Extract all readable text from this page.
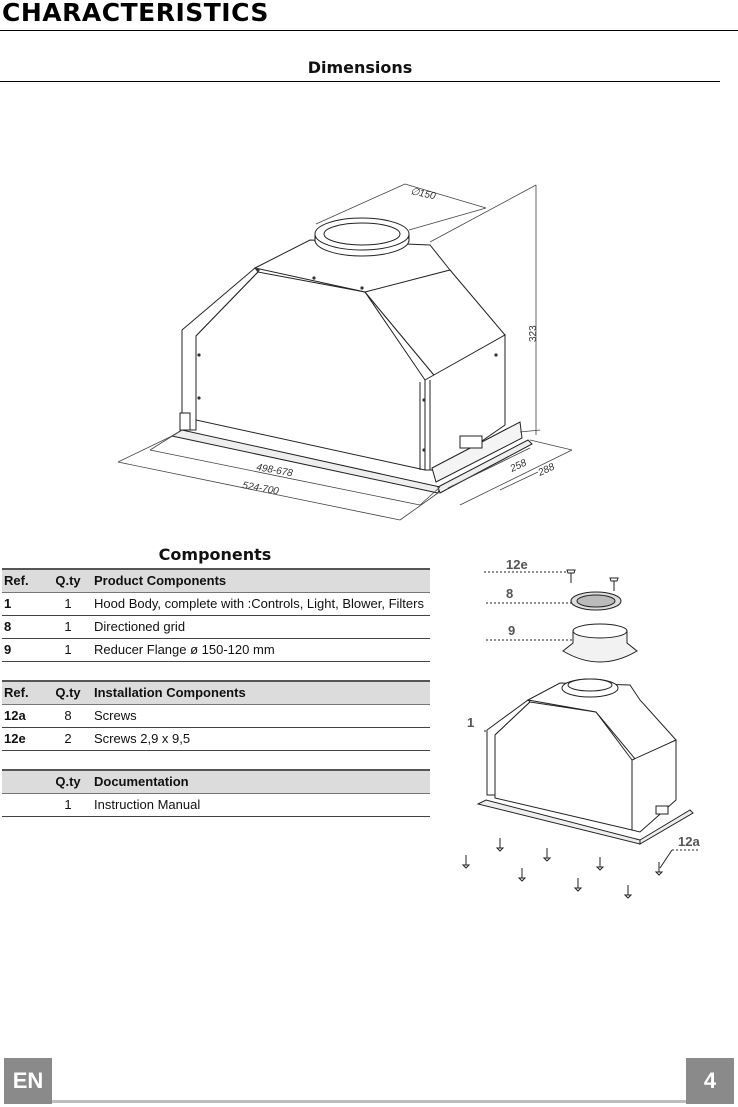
CHARACTERISTICS
Dimensions
∅150
323
498-678
524-700
258 288
Components
Ref.	Q.ty	Product Components
1	1	Hood Body, complete with :Controls, Light, Blower, Filters
8	1	Directioned grid
9	1	Reducer Flange ø 150-120 mm

Ref.	Q.ty	Installation Components
12a	8	Screws
12e	2	Screws 2,9 x 9,5

	Q.ty	Documentation
	1	Instruction Manual
12e
8
9
1
12a
EN	4
